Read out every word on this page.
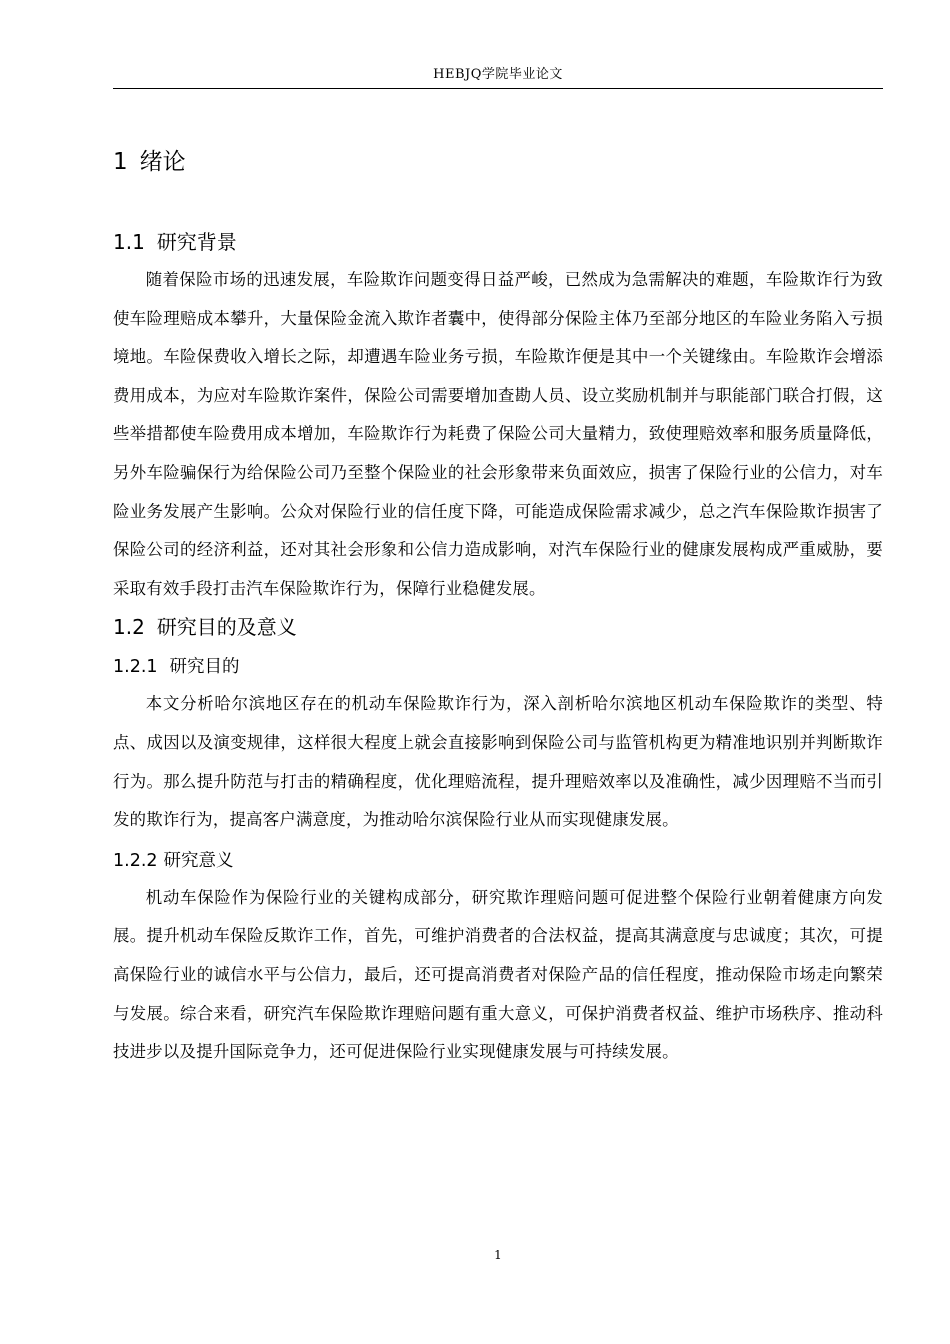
HEBJQ学院毕业论文
1 绪论
1.1 研究背景

随着保险市场的迅速发展，车险欺诈问题变得日益严峻，已然成为急需解决的难题，车险欺诈行为致使车险理赔成本攀升，大量保险金流入欺诈者囊中，使得部分保险主体乃至部分地区的车险业务陷入亏损境地。车险保费收入增长之际，却遭遇车险业务亏损，车险欺诈便是其中一个关键缘由。车险欺诈会增添费用成本，为应对车险欺诈案件，保险公司需要增加查勘人员、设立奖励机制并与职能部门联合打假，这些举措都使车险费用成本增加，车险欺诈行为耗费了保险公司大量精力，致使理赔效率和服务质量降低，另外车险骗保行为给保险公司乃至整个保险业的社会形象带来负面效应，损害了保险行业的公信力，对车险业务发展产生影响。公众对保险行业的信任度下降，可能造成保险需求减少，总之汽车保险欺诈损害了保险公司的经济利益，还对其社会形象和公信力造成影响，对汽车保险行业的健康发展构成严重威胁，要采取有效手段打击汽车保险欺诈行为，保障行业稳健发展。

1.2 研究目的及意义
1.2.1 研究目的

本文分析哈尔滨地区存在的机动车保险欺诈行为，深入剖析哈尔滨地区机动车保险欺诈的类型、特点、成因以及演变规律，这样很大程度上就会直接影响到保险公司与监管机构更为精准地识别并判断欺诈行为。那么提升防范与打击的精确程度，优化理赔流程，提升理赔效率以及准确性，减少因理赔不当而引发的欺诈行为，提高客户满意度，为推动哈尔滨保险行业从而实现健康发展。

1.2.2 研究意义

机动车保险作为保险行业的关键构成部分，研究欺诈理赔问题可促进整个保险行业朝着健康方向发展。提升机动车保险反欺诈工作，首先，可维护消费者的合法权益，提高其满意度与忠诚度；其次，可提高保险行业的诚信水平与公信力，最后，还可提高消费者对保险产品的信任程度，推动保险市场走向繁荣与发展。综合来看，研究汽车保险欺诈理赔问题有重大意义，可保护消费者权益、维护市场秩序、推动科技进步以及提升国际竞争力，还可促进保险行业实现健康发展与可持续发展。

1
